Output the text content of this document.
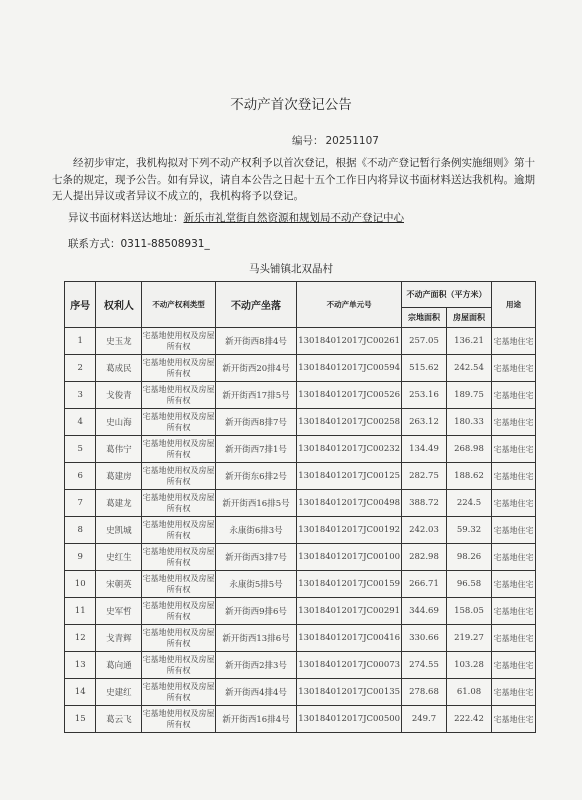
不动产首次登记公告
编号： 20251107
经初步审定，我机构拟对下列不动产权利予以首次登记，根据《不动产登记暂行条例实施细则》第十七条的规定，现予公告。如有异议，请自本公告之日起十五个工作日内将异议书面材料送达我机构。逾期无人提出异议或者异议不成立的，我机构将予以登记。
异议书面材料送达地址：新乐市礼堂街自然资源和规划局不动产登记中心
联系方式：0311-88508931_
马头铺镇北双晶村
序号	权利人	不动产权利类型	不动产坐落	不动产单元号	不动产面积（平方米）		用途
					宗地面积	房屋面积	
1	史玉龙	宅基地使用权及房屋所有权	新开街西8排4号	130184012017JC00261	257.05	136.21	宅基地住宅
2	葛成民	宅基地使用权及房屋所有权	新开街西20排4号	130184012017JC00594	515.62	242.54	宅基地住宅
3	戈俊青	宅基地使用权及房屋所有权	新开街西17排5号	130184012017JC00526	253.16	189.75	宅基地住宅
4	史山海	宅基地使用权及房屋所有权	新开街西8排7号	130184012017JC00258	263.12	180.33	宅基地住宅
5	葛伟宁	宅基地使用权及房屋所有权	新开街西7排1号	130184012017JC00232	134.49	268.98	宅基地住宅
6	葛建房	宅基地使用权及房屋所有权	新开街东6排2号	130184012017JC00125	282.75	188.62	宅基地住宅
7	葛建龙	宅基地使用权及房屋所有权	新开街西16排5号	130184012017JC00498	388.72	224.5	宅基地住宅
8	史凯城	宅基地使用权及房屋所有权	永康街6排3号	130184012017JC00192	242.03	59.32	宅基地住宅
9	史红生	宅基地使用权及房屋所有权	新开街西3排7号	130184012017JC00100	282.98	98.26	宅基地住宅
10	宋朝英	宅基地使用权及房屋所有权	永康街5排5号	130184012017JC00159	266.71	96.58	宅基地住宅
11	史军哲	宅基地使用权及房屋所有权	新开街西9排6号	130184012017JC00291	344.69	158.05	宅基地住宅
12	戈青辉	宅基地使用权及房屋所有权	新开街西13排6号	130184012017JC00416	330.66	219.27	宅基地住宅
13	葛向通	宅基地使用权及房屋所有权	新开街西2排3号	130184012017JC00073	274.55	103.28	宅基地住宅
14	史建红	宅基地使用权及房屋所有权	新开街西4排4号	130184012017JC00135	278.68	61.08	宅基地住宅
15	葛云飞	宅基地使用权及房屋所有权	新开街西16排4号	130184012017JC00500	249.7	222.42	宅基地住宅
